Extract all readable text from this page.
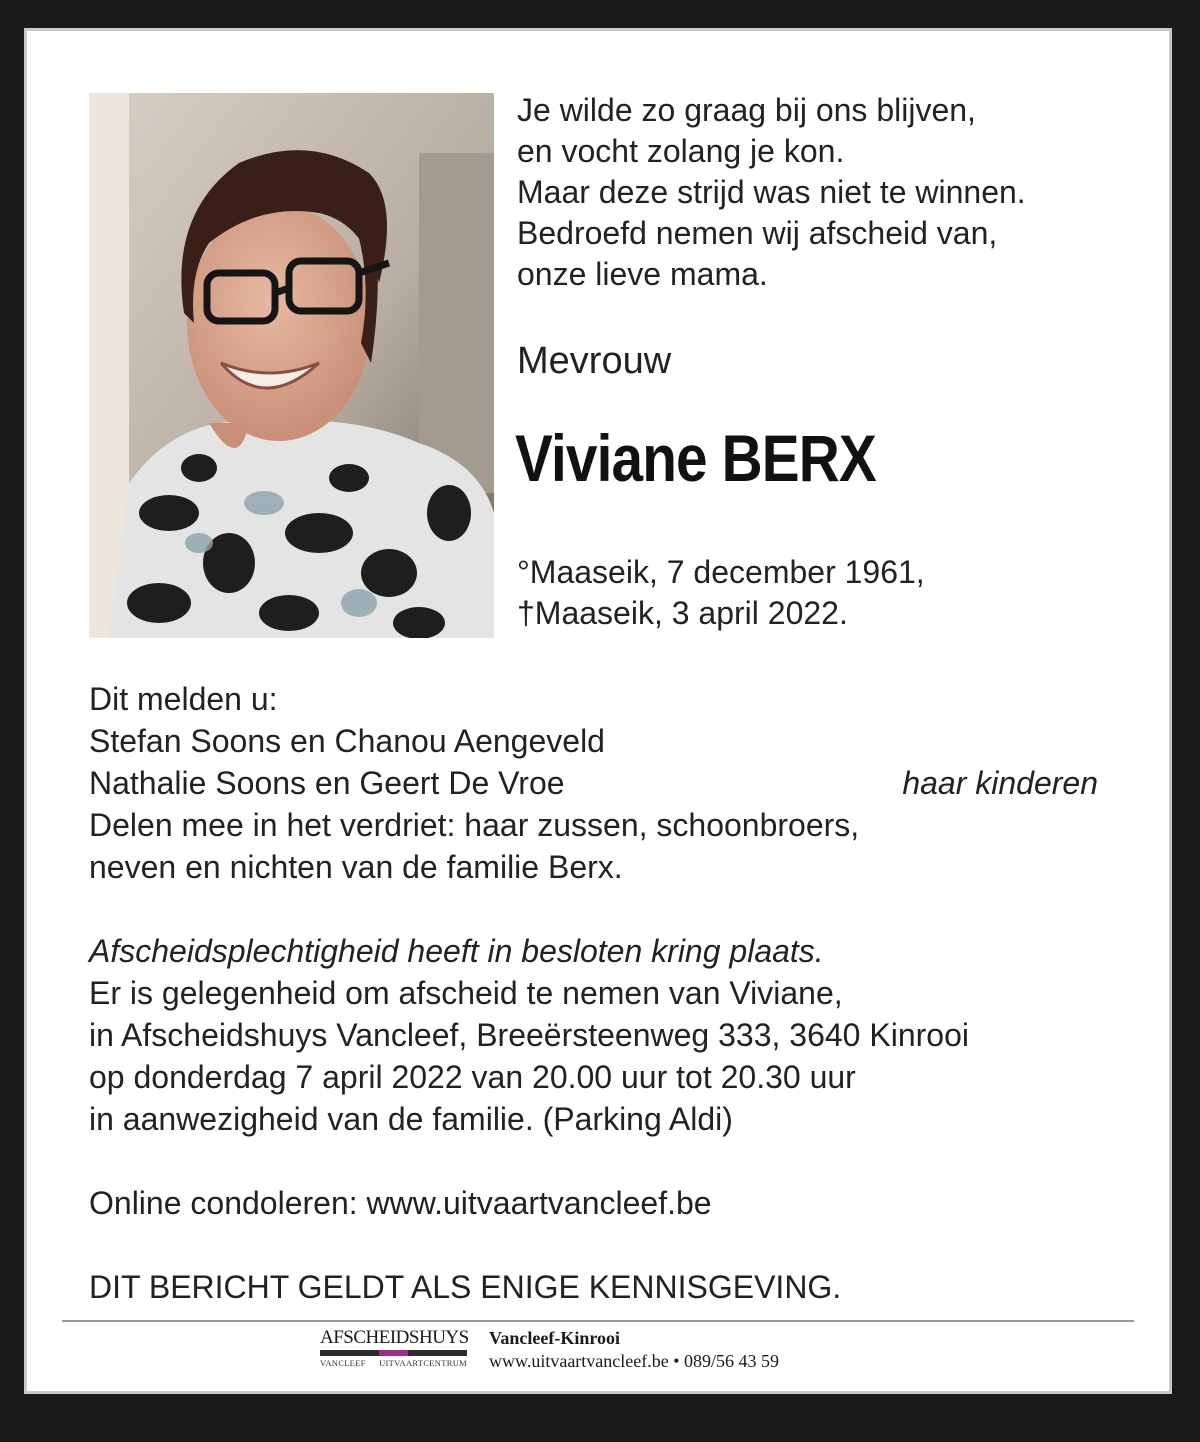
Je wilde zo graag bij ons blijven,
en vocht zolang je kon.
Maar deze strijd was niet te winnen.
Bedroefd nemen wij afscheid van,
onze lieve mama.
Mevrouw
Viviane BERX
°Maaseik, 7 december 1961,
†Maaseik, 3 april 2022.
Dit melden u:
Stefan Soons en Chanou Aengeveld
Nathalie Soons en Geert De Vroe	haar kinderen
Delen mee in het verdriet: haar zussen, schoonbroers,
neven en nichten van de familie Berx.
Afscheidsplechtigheid heeft in besloten kring plaats.
Er is gelegenheid om afscheid te nemen van Viviane,
in Afscheidshuys Vancleef, Breeërsteenweg 333, 3640 Kinrooi
op donderdag 7 april 2022 van 20.00 uur tot 20.30 uur
in aanwezigheid van de familie. (Parking Aldi)
Online condoleren: www.uitvaartvancleef.be
DIT BERICHT GELDT ALS ENIGE KENNISGEVING.
AFSCHEIDSHUYS
VANCLEEF UITVAARTCENTRUM
Vancleef-Kinrooi
www.uitvaartvancleef.be • 089/56 43 59
